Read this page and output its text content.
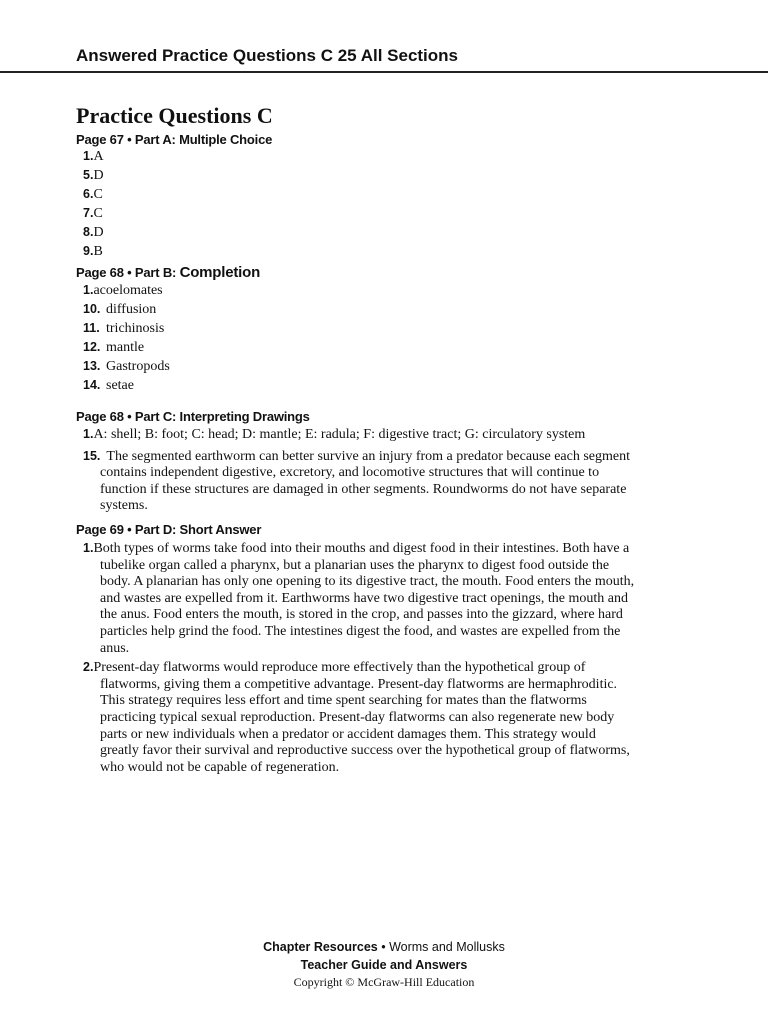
Answered Practice Questions C 25 All Sections
Practice Questions C
Page 67 • Part A: Multiple Choice
1. A
5. D
6. C
7. C
8. D
9. B
Page 68 • Part B: Completion
1. acoelomates
10. diffusion
11. trichinosis
12. mantle
13. Gastropods
14. setae
Page 68 • Part C: Interpreting Drawings
1.A: shell; B: foot; C: head; D: mantle; E: radula; F: digestive tract; G: circulatory system
15. The segmented earthworm can better survive an injury from a predator because each segment contains independent digestive, excretory, and locomotive structures that will continue to function if these structures are damaged in other segments. Roundworms do not have separate systems.
Page 69 • Part D: Short Answer
1.Both types of worms take food into their mouths and digest food in their intestines. Both have a tubelike organ called a pharynx, but a planarian uses the pharynx to digest food outside the body. A planarian has only one opening to its digestive tract, the mouth. Food enters the mouth, and wastes are expelled from it. Earthworms have two digestive tract openings, the mouth and the anus. Food enters the mouth, is stored in the crop, and passes into the gizzard, where hard particles help grind the food. The intestines digest the food, and wastes are expelled from the anus.
2.Present-day flatworms would reproduce more effectively than the hypothetical group of flatworms, giving them a competitive advantage. Present-day flatworms are hermaphroditic. This strategy requires less effort and time spent searching for mates than the flatworms practicing typical sexual reproduction. Present-day flatworms can also regenerate new body parts or new individuals when a predator or accident damages them. This strategy would greatly favor their survival and reproductive success over the hypothetical group of flatworms, who would not be capable of regeneration.
Chapter Resources • Worms and Mollusks
Teacher Guide and Answers
Copyright © McGraw-Hill Education
